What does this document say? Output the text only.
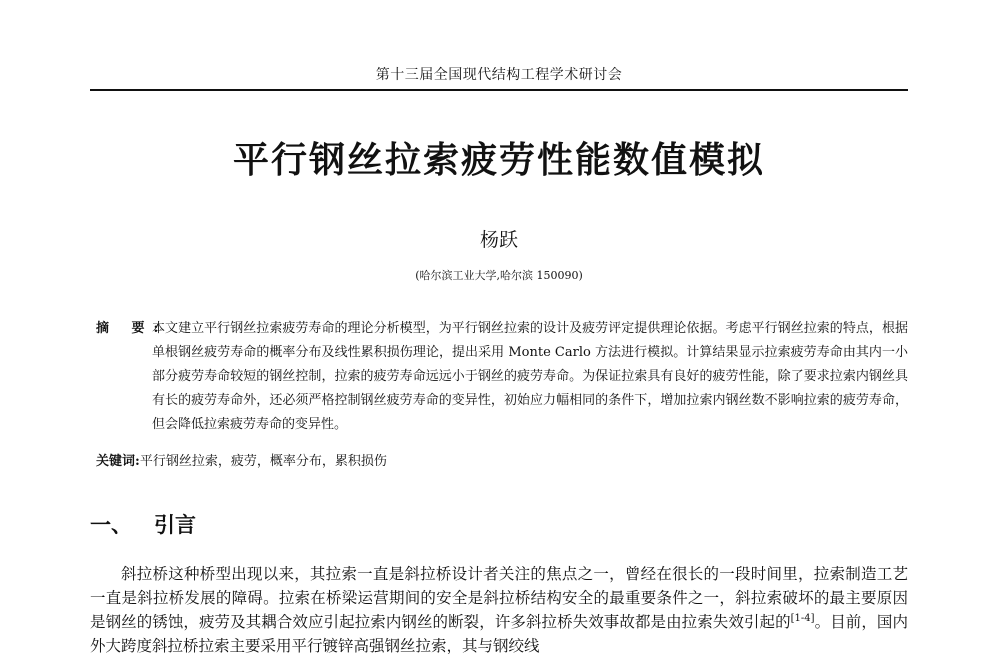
第十三届全国现代结构工程学术研讨会
平行钢丝拉索疲劳性能数值模拟
杨跃
(哈尔滨工业大学,哈尔滨 150090)
摘 要:
本文建立平行钢丝拉索疲劳寿命的理论分析模型，为平行钢丝拉索的设计及疲劳评定提供理论依据。考虑平行钢丝拉索的特点，根据单根钢丝疲劳寿命的概率分布及线性累积损伤理论，提出采用 Monte Carlo 方法进行模拟。计算结果显示拉索疲劳寿命由其内一小部分疲劳寿命较短的钢丝控制，拉索的疲劳寿命远远小于钢丝的疲劳寿命。为保证拉索具有良好的疲劳性能，除了要求拉索内钢丝具有长的疲劳寿命外，还必须严格控制钢丝疲劳寿命的变异性，初始应力幅相同的条件下，增加拉索内钢丝数不影响拉索的疲劳寿命，但会降低拉索疲劳寿命的变异性。
关键词:平行钢丝拉索，疲劳，概率分布，累积损伤
一、 引言
斜拉桥这种桥型出现以来，其拉索一直是斜拉桥设计者关注的焦点之一，曾经在很长的一段时间里，拉索制造工艺一直是斜拉桥发展的障碍。拉索在桥梁运营期间的安全是斜拉桥结构安全的最重要条件之一，斜拉索破坏的最主要原因是钢丝的锈蚀，疲劳及其耦合效应引起拉索内钢丝的断裂，许多斜拉桥失效事故都是由拉索失效引起的[1-4]。目前，国内外大跨度斜拉桥拉索主要采用平行镀锌高强钢丝拉索，其与钢绞线
